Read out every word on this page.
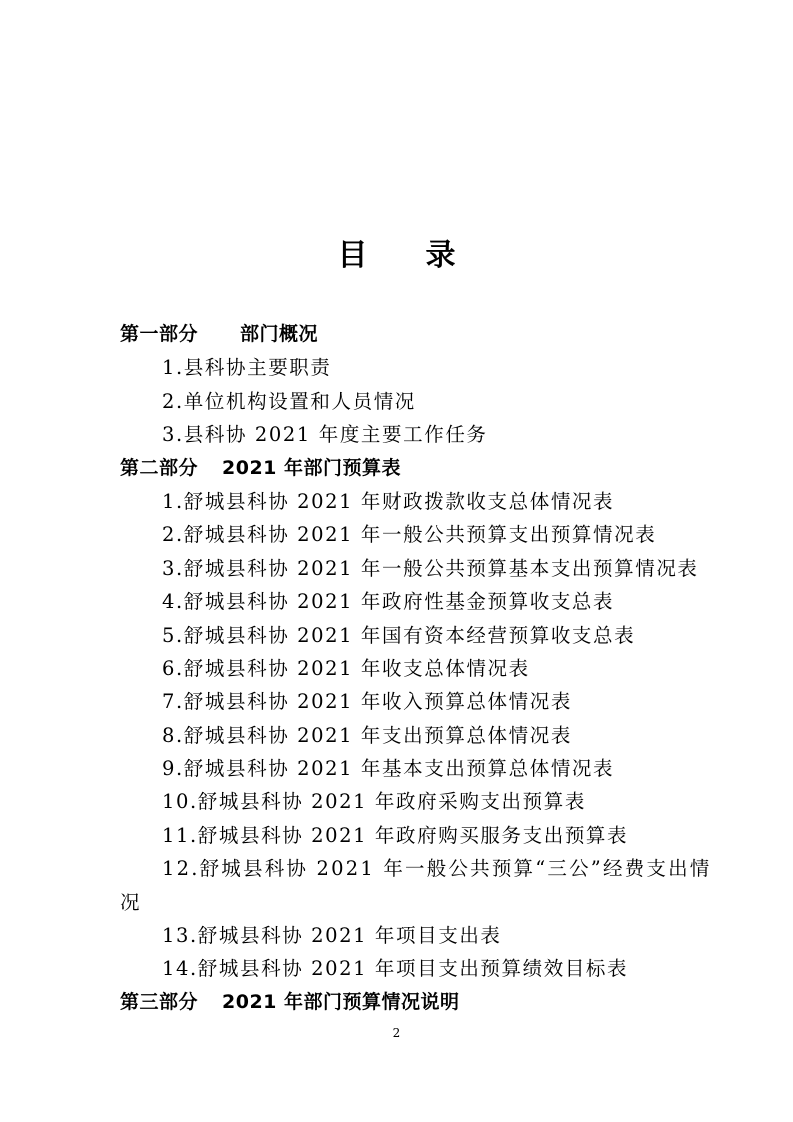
目 录
第一部分 部门概况
1.县科协主要职责
2.单位机构设置和人员情况
3.县科协 2021 年度主要工作任务
第二部分 2021 年部门预算表
1.舒城县科协 2021 年财政拨款收支总体情况表
2.舒城县科协 2021 年一般公共预算支出预算情况表
3.舒城县科协 2021 年一般公共预算基本支出预算情况表
4.舒城县科协 2021 年政府性基金预算收支总表
5.舒城县科协 2021 年国有资本经营预算收支总表
6.舒城县科协 2021 年收支总体情况表
7.舒城县科协 2021 年收入预算总体情况表
8.舒城县科协 2021 年支出预算总体情况表
9.舒城县科协 2021 年基本支出预算总体情况表
10.舒城县科协 2021 年政府采购支出预算表
11.舒城县科协 2021 年政府购买服务支出预算表
12.舒城县科协 2021 年一般公共预算“三公”经费支出情
况
13.舒城县科协 2021 年项目支出表
14.舒城县科协 2021 年项目支出预算绩效目标表
第三部分 2021 年部门预算情况说明
2
